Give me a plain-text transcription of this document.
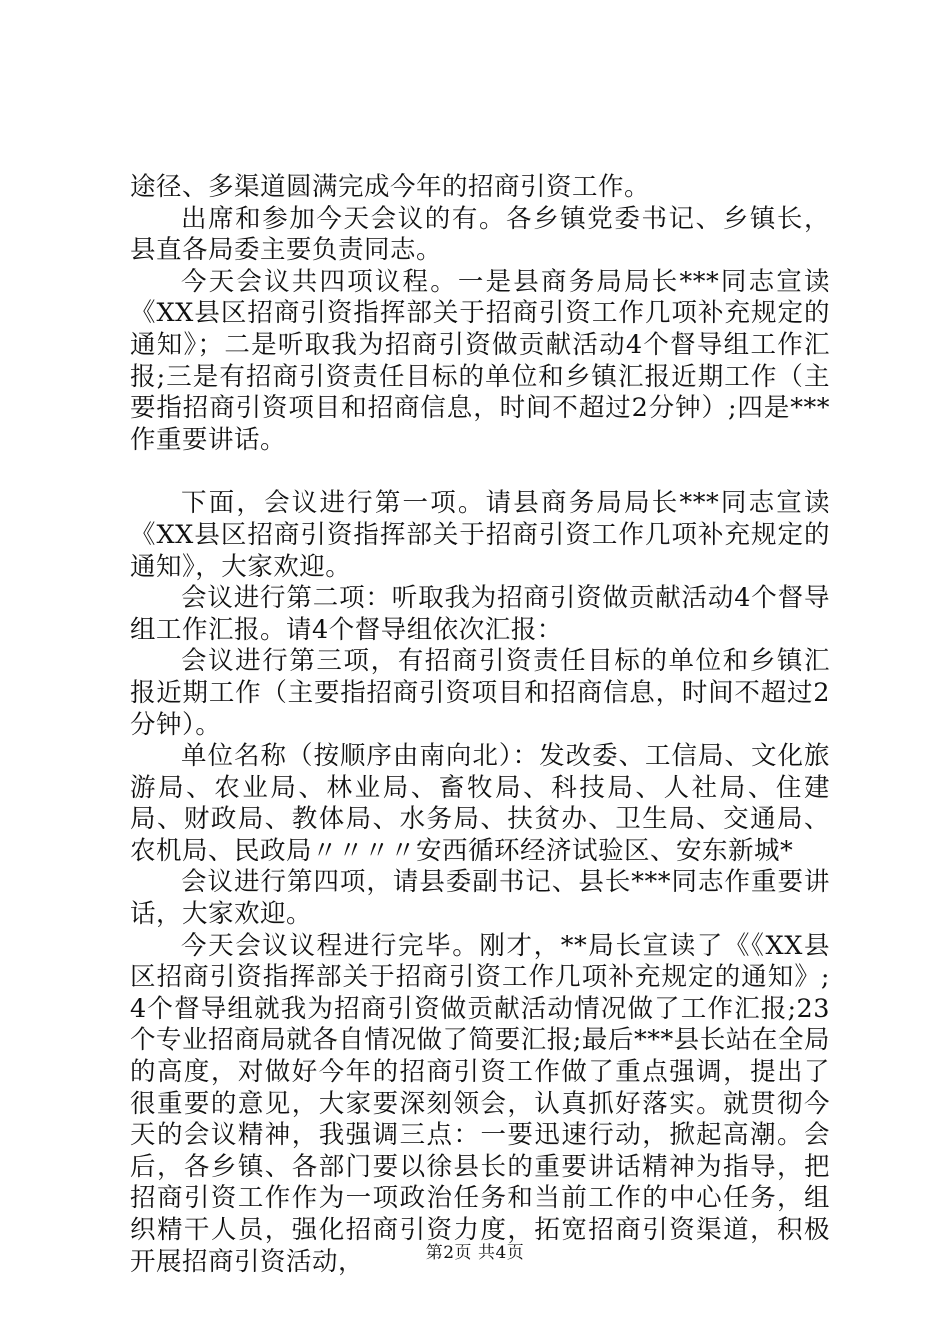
途径、多渠道圆满完成今年的招商引资工作。

出席和参加今天会议的有。各乡镇党委书记、乡镇长，县直各局委主要负责同志。

今天会议共四项议程。一是县商务局局长***同志宣读《XX县区招商引资指挥部关于招商引资工作几项补充规定的通知》；二是听取我为招商引资做贡献活动4个督导组工作汇报;三是有招商引资责任目标的单位和乡镇汇报近期工作（主要指招商引资项目和招商信息，时间不超过2分钟）;四是***作重要讲话。

下面，会议进行第一项。请县商务局局长***同志宣读《XX县区招商引资指挥部关于招商引资工作几项补充规定的通知》，大家欢迎。

会议进行第二项：听取我为招商引资做贡献活动4个督导组工作汇报。请4个督导组依次汇报：

会议进行第三项，有招商引资责任目标的单位和乡镇汇报近期工作（主要指招商引资项目和招商信息，时间不超过2分钟）。

单位名称（按顺序由南向北）：发改委、工信局、文化旅游局、农业局、林业局、畜牧局、科技局、人社局、住建局、财政局、教体局、水务局、扶贫办、卫生局、交通局、农机局、民政局〃〃〃〃安西循环经济试验区、安东新城*

会议进行第四项，请县委副书记、县长***同志作重要讲话，大家欢迎。

今天会议议程进行完毕。刚才，**局长宣读了《《XX县区招商引资指挥部关于招商引资工作几项补充规定的通知》;4个督导组就我为招商引资做贡献活动情况做了工作汇报;23个专业招商局就各自情况做了简要汇报;最后***县长站在全局的高度，对做好今年的招商引资工作做了重点强调，提出了很重要的意见，大家要深刻领会，认真抓好落实。就贯彻今天的会议精神，我强调三点：一要迅速行动，掀起高潮。会后，各乡镇、各部门要以徐县长的重要讲话精神为指导，把招商引资工作作为一项政治任务和当前工作的中心任务，组织精干人员，强化招商引资力度，拓宽招商引资渠道，积极开展招商引资活动，	第2页 共4页
